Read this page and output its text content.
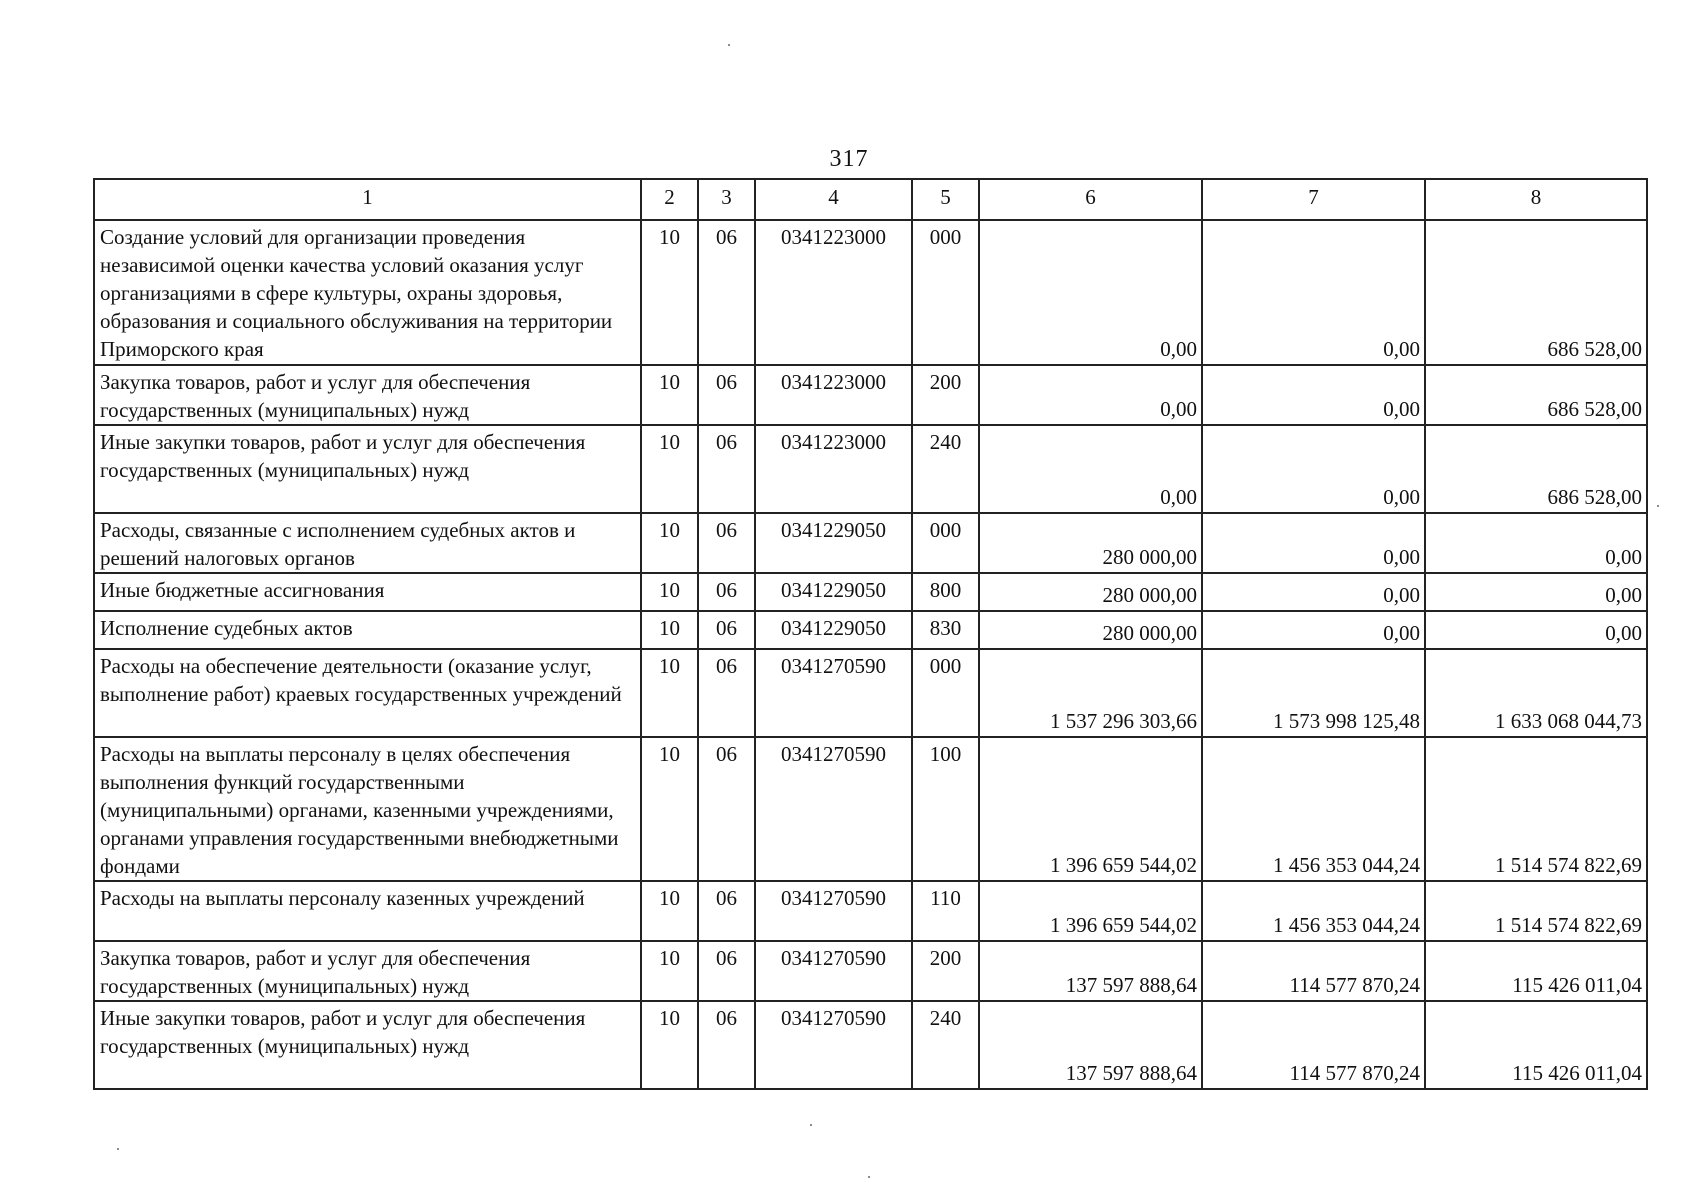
317
1	2	3	4	5	6	7	8
Создание условий для организации проведения независимой оценки качества условий оказания услуг организациями в сфере культуры, охраны здоровья, образования и социального обслуживания на территории Приморского края	10	06	0341223000	000	0,00	0,00	686 528,00
Закупка товаров, работ и услуг для обеспечения государственных (муниципальных) нужд	10	06	0341223000	200	0,00	0,00	686 528,00
Иные закупки товаров, работ и услуг для обеспечения государственных (муниципальных) нужд	10	06	0341223000	240	0,00	0,00	686 528,00
Расходы, связанные с исполнением судебных актов и решений налоговых органов	10	06	0341229050	000	280 000,00	0,00	0,00
Иные бюджетные ассигнования	10	06	0341229050	800	280 000,00	0,00	0,00
Исполнение судебных актов	10	06	0341229050	830	280 000,00	0,00	0,00
Расходы на обеспечение деятельности (оказание услуг, выполнение работ) краевых государственных учреждений	10	06	0341270590	000	1 537 296 303,66	1 573 998 125,48	1 633 068 044,73
Расходы на выплаты персоналу в целях обеспечения выполнения функций государственными (муниципальными) органами, казенными учреждениями, органами управления государственными внебюджетными фондами	10	06	0341270590	100	1 396 659 544,02	1 456 353 044,24	1 514 574 822,69
Расходы на выплаты персоналу казенных учреждений	10	06	0341270590	110	1 396 659 544,02	1 456 353 044,24	1 514 574 822,69
Закупка товаров, работ и услуг для обеспечения государственных (муниципальных) нужд	10	06	0341270590	200	137 597 888,64	114 577 870,24	115 426 011,04
Иные закупки товаров, работ и услуг для обеспечения государственных (муниципальных) нужд	10	06	0341270590	240	137 597 888,64	114 577 870,24	115 426 011,04
